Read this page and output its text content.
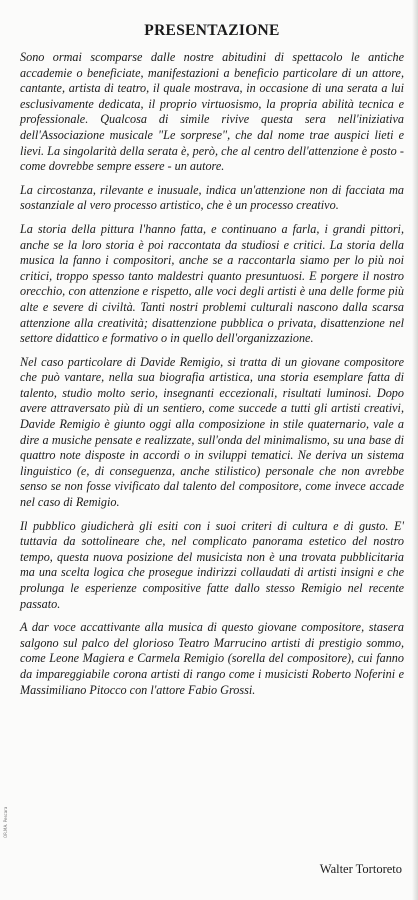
PRESENTAZIONE

Sono ormai scomparse dalle nostre abitudini di spettacolo le antiche accademie o beneficiate, manifestazioni a beneficio particolare di un attore, cantante, artista di teatro, il quale mostrava, in occasione di una serata a lui esclusivamente dedicata, il proprio virtuosismo, la propria abilità tecnica e professionale. Qualcosa di simile rivive questa sera nell'iniziativa dell'Associazione musicale "Le sorprese", che dal nome trae auspici lieti e lievi. La singolarità della serata è, però, che al centro dell'attenzione è posto - come dovrebbe sempre essere - un autore.

La circostanza, rilevante e inusuale, indica un'attenzione non di facciata ma sostanziale al vero processo artistico, che è un processo creativo.

La storia della pittura l'hanno fatta, e continuano a farla, i grandi pittori, anche se la loro storia è poi raccontata da studiosi e critici. La storia della musica la fanno i compositori, anche se a raccontarla siamo per lo più noi critici, troppo spesso tanto maldestri quanto presuntuosi. E porgere il nostro orecchio, con attenzione e rispetto, alle voci degli artisti è una delle forme più alte e severe di civiltà. Tanti nostri problemi culturali nascono dalla scarsa attenzione alla creatività; disattenzione pubblica o privata, disattenzione nel settore didattico e formativo o in quello dell'organizzazione.

Nel caso particolare di Davide Remigio, si tratta di un giovane compositore che può vantare, nella sua biografia artistica, una storia esemplare fatta di talento, studio molto serio, insegnanti eccezionali, risultati luminosi. Dopo avere attraversato più di un sentiero, come succede a tutti gli artisti creativi, Davide Remigio è giunto oggi alla composizione in stile quaternario, vale a dire a musiche pensate e realizzate, sull'onda del minimalismo, su una base di quattro note disposte in accordi o in sviluppi tematici. Ne deriva un sistema linguistico (e, di conseguenza, anche stilistico) personale che non avrebbe senso se non fosse vivificato dal talento del compositore, come invece accade nel caso di Remigio.

Il pubblico giudicherà gli esiti con i suoi criteri di cultura e di gusto. E' tuttavia da sottolineare che, nel complicato panorama estetico del nostro tempo, questa nuova posizione del musicista non è una trovata pubblicitaria ma una scelta logica che prosegue indirizzi collaudati di artisti insigni e che prolunga le esperienze compositive fatte dallo stesso Remigio nel recente passato.

A dar voce accattivante alla musica di questo giovane compositore, stasera salgono sul palco del glorioso Teatro Marrucino artisti di prestigio sommo, come Leone Magiera e Carmela Remigio (sorella del compositore), cui fanno da impareggiabile corona artisti di rango come i musicisti Roberto Noferini e Massimiliano Pitocco con l'attore Fabio Grossi.

OR.MA. Pescara
Walter Tortoreto
